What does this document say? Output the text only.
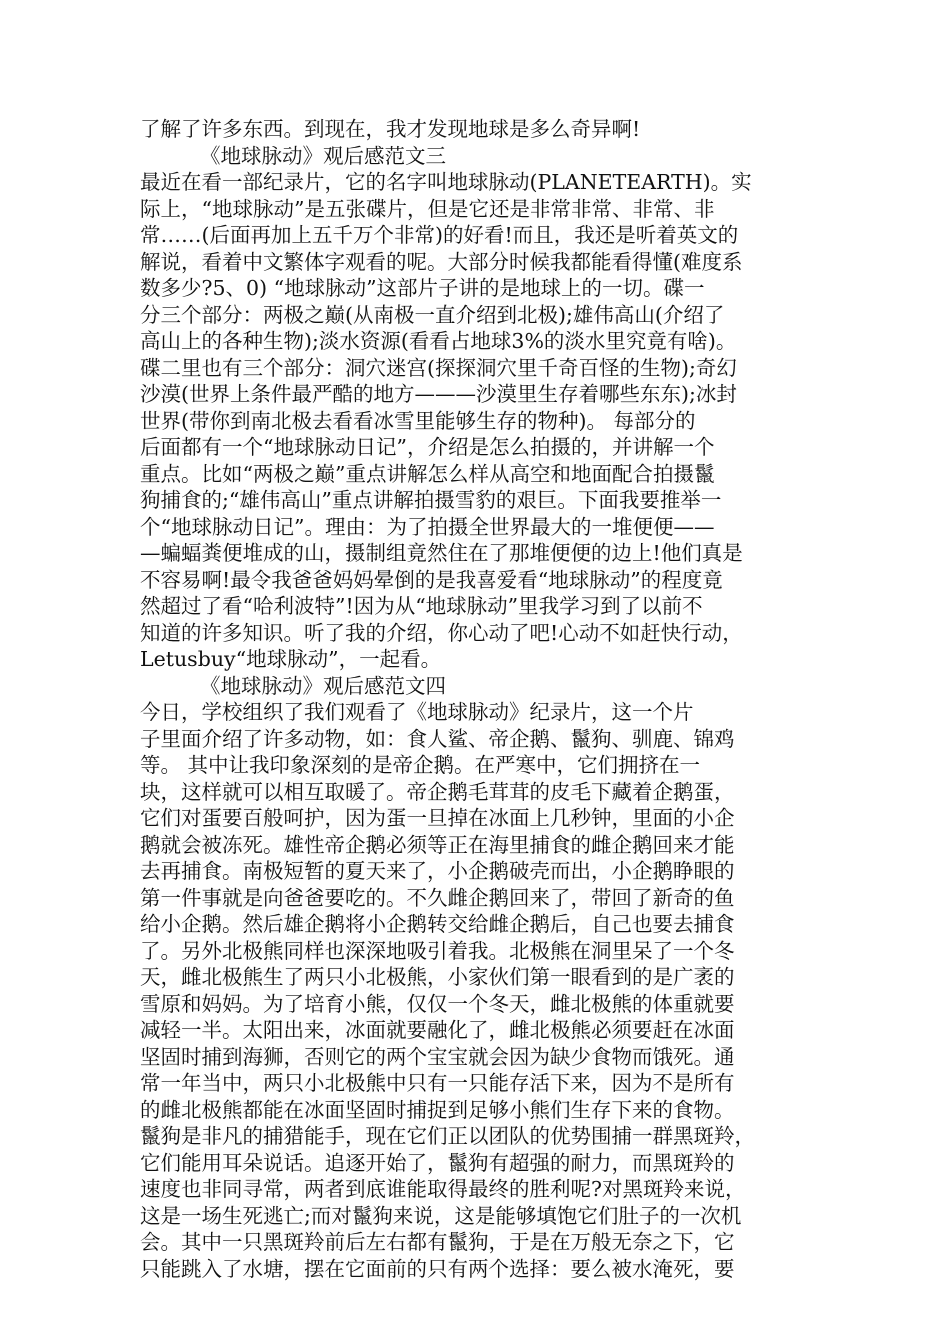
了解了许多东西。到现在，我才发现地球是多么奇异啊!
《地球脉动》观后感范文三
最近在看一部纪录片，它的名字叫地球脉动(PLANETEARTH)。实
际上，“地球脉动”是五张碟片，但是它还是非常非常、非常、非
常……(后面再加上五千万个非常)的好看!而且，我还是听着英文的
解说，看着中文繁体字观看的呢。大部分时候我都能看得懂(难度系
数多少?5、0) “地球脉动”这部片子讲的是地球上的一切。碟一
分三个部分：两极之巅(从南极一直介绍到北极);雄伟高山(介绍了
高山上的各种生物);淡水资源(看看占地球3%的淡水里究竟有啥)。
碟二里也有三个部分：洞穴迷宫(探探洞穴里千奇百怪的生物);奇幻
沙漠(世界上条件最严酷的地方———沙漠里生存着哪些东东);冰封
世界(带你到南北极去看看冰雪里能够生存的物种)。 每部分的
后面都有一个“地球脉动日记”，介绍是怎么拍摄的，并讲解一个
重点。比如“两极之巅”重点讲解怎么样从高空和地面配合拍摄鬣
狗捕食的;“雄伟高山”重点讲解拍摄雪豹的艰巨。下面我要推举一
个“地球脉动日记”。理由：为了拍摄全世界最大的一堆便便——
—蝙蝠粪便堆成的山，摄制组竟然住在了那堆便便的边上!他们真是
不容易啊!最令我爸爸妈妈晕倒的是我喜爱看“地球脉动”的程度竟
然超过了看“哈利波特”!因为从“地球脉动”里我学习到了以前不
知道的许多知识。听了我的介绍，你心动了吧!心动不如赶快行动，
Letusbuy“地球脉动”，一起看。
《地球脉动》观后感范文四
今日，学校组织了我们观看了《地球脉动》纪录片，这一个片
子里面介绍了许多动物，如：食人鲨、帝企鹅、鬣狗、驯鹿、锦鸡
等。 其中让我印象深刻的是帝企鹅。在严寒中，它们拥挤在一
块，这样就可以相互取暖了。帝企鹅毛茸茸的皮毛下藏着企鹅蛋，
它们对蛋要百般呵护，因为蛋一旦掉在冰面上几秒钟，里面的小企
鹅就会被冻死。雄性帝企鹅必须等正在海里捕食的雌企鹅回来才能
去再捕食。南极短暂的夏天来了，小企鹅破壳而出，小企鹅睁眼的
第一件事就是向爸爸要吃的。不久雌企鹅回来了，带回了新奇的鱼
给小企鹅。然后雄企鹅将小企鹅转交给雌企鹅后，自己也要去捕食
了。另外北极熊同样也深深地吸引着我。北极熊在洞里呆了一个冬
天，雌北极熊生了两只小北极熊，小家伙们第一眼看到的是广袤的
雪原和妈妈。为了培育小熊，仅仅一个冬天，雌北极熊的体重就要
减轻一半。太阳出来，冰面就要融化了，雌北极熊必须要赶在冰面
坚固时捕到海狮，否则它的两个宝宝就会因为缺少食物而饿死。通
常一年当中，两只小北极熊中只有一只能存活下来，因为不是所有
的雌北极熊都能在冰面坚固时捕捉到足够小熊们生存下来的食物。
鬣狗是非凡的捕猎能手，现在它们正以团队的优势围捕一群黑斑羚，
它们能用耳朵说话。追逐开始了，鬣狗有超强的耐力，而黑斑羚的
速度也非同寻常，两者到底谁能取得最终的胜利呢?对黑斑羚来说，
这是一场生死逃亡;而对鬣狗来说，这是能够填饱它们肚子的一次机
会。其中一只黑斑羚前后左右都有鬣狗，于是在万般无奈之下，它
只能跳入了水塘，摆在它面前的只有两个选择：要么被水淹死，要
